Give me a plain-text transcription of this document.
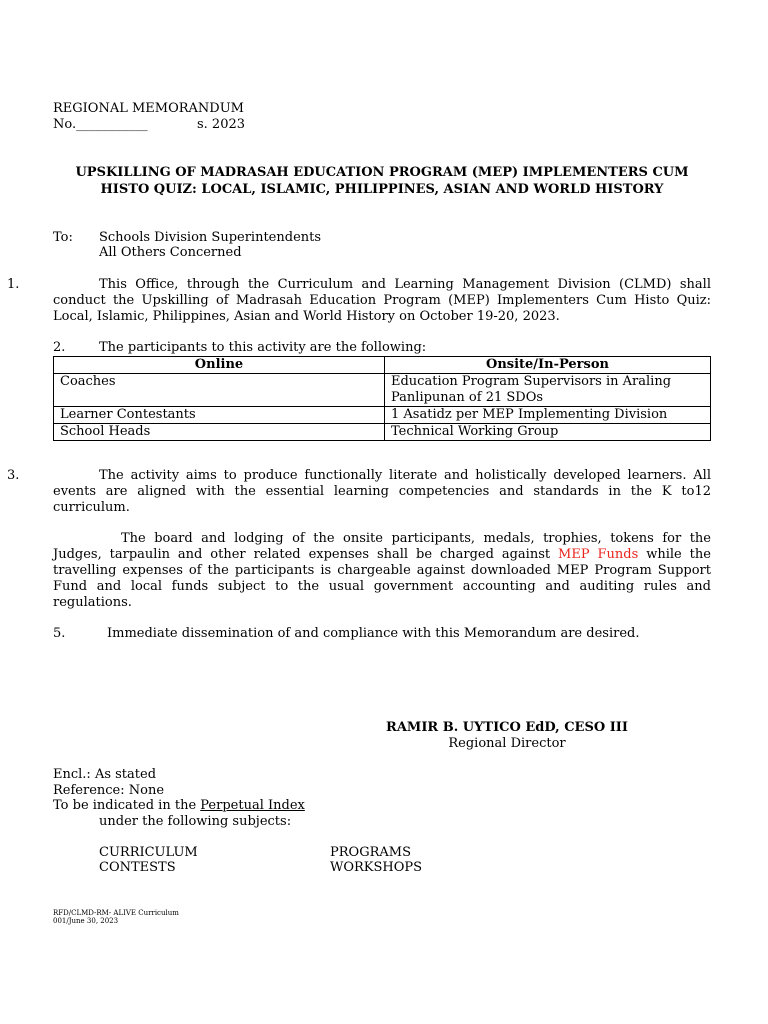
REGIONAL MEMORANDUM
No.___________	s. 2023
UPSKILLING OF MADRASAH EDUCATION PROGRAM (MEP) IMPLEMENTERS CUM
HISTO QUIZ: LOCAL, ISLAMIC, PHILIPPINES, ASIAN AND WORLD HISTORY
To: Schools Division Superintendents
All Others Concerned
1.	This Office, through the Curriculum and Learning Management Division (CLMD) shall conduct the Upskilling of Madrasah Education Program (MEP) Implementers Cum Histo Quiz: Local, Islamic, Philippines, Asian and World History on October 19-20, 2023.
2.	The participants to this activity are the following:
Online	Onsite/In-Person
Coaches	Education Program Supervisors in Araling Panlipunan of 21 SDOs
Learner Contestants	1 Asatidz per MEP Implementing Division
School Heads	Technical Working Group
3.	The activity aims to produce functionally literate and holistically developed learners. All events are aligned with the essential learning competencies and standards in the K to12 curriculum.
The board and lodging of the onsite participants, medals, trophies, tokens for the Judges, tarpaulin and other related expenses shall be charged against MEP Funds while the travelling expenses of the participants is chargeable against downloaded MEP Program Support Fund and local funds subject to the usual government accounting and auditing rules and regulations.
5.	Immediate dissemination of and compliance with this Memorandum are desired.
RAMIR B. UYTICO EdD, CESO III
Regional Director
Encl.: As stated
Reference: None
To be indicated in the Perpetual Index
under the following subjects:
CURRICULUM
CONTESTS
PROGRAMS
WORKSHOPS
RFD/CLMD-RM- ALIVE Curriculum
001/June 30, 2023
